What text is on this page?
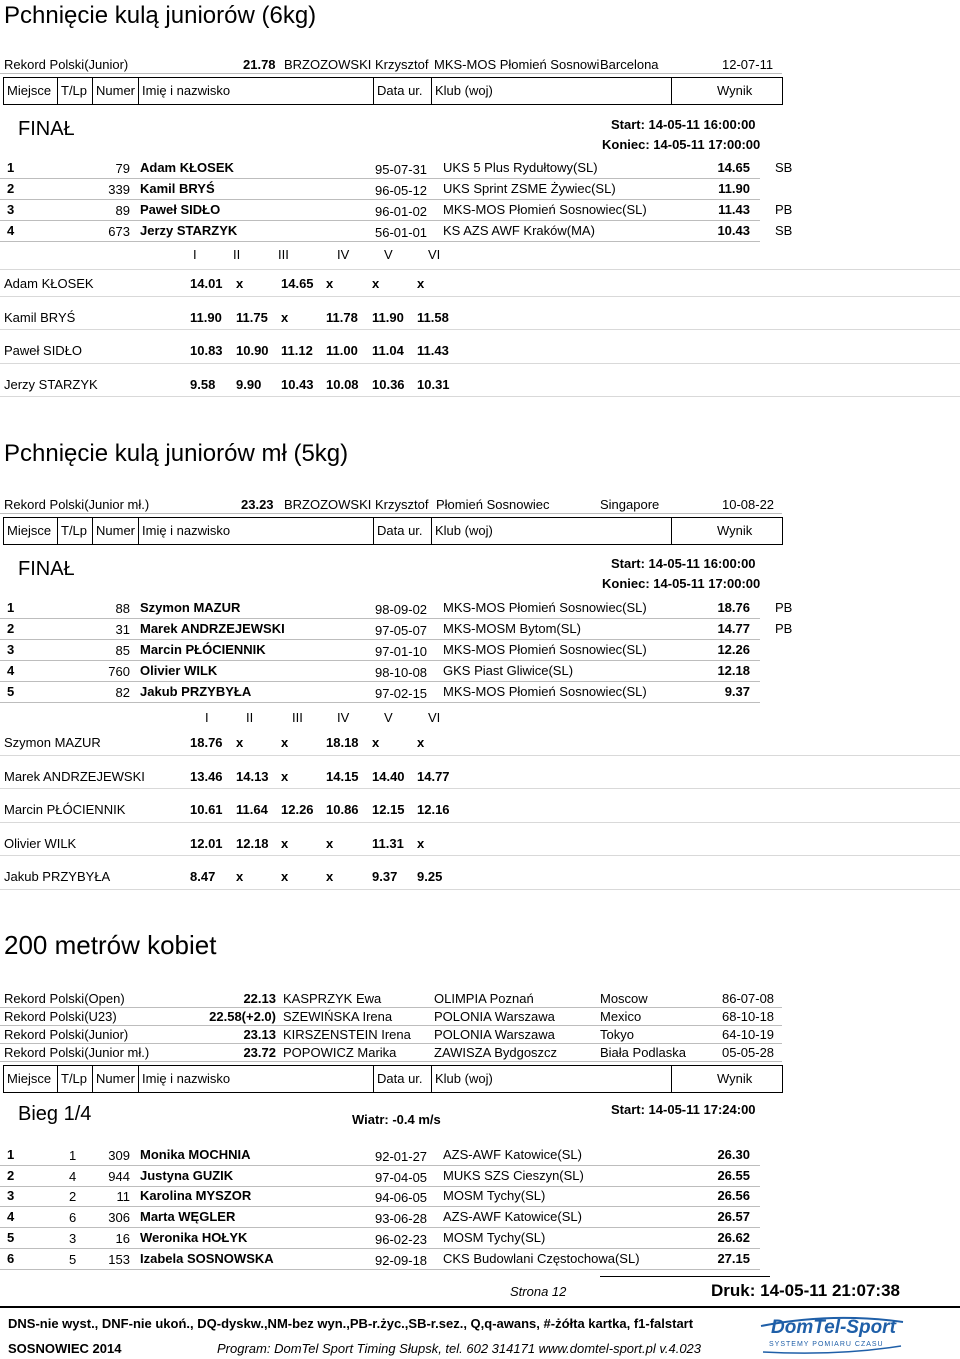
Pchnięcie kulą juniorów (6kg)
Rekord Polski(Junior)	21.78 BRZOZOWSKI Krzysztof MKS-MOS Płomień Sosnowi Barcelona	12-07-11
Miejsce T/Lp Numer Imię i nazwisko	Data ur. Klub (woj)	Wynik
FINAŁ	Start: 14-05-11 16:00:00
Koniec: 14-05-11 17:00:00
1	79 Adam KŁOSEK	95-07-31 UKS 5 Plus Rydułtowy(SL)	14.65 SB
2	339 Kamil BRYŚ	96-05-12 UKS Sprint ZSME Żywiec(SL)	11.90
3	89 Paweł SIDŁO	96-01-02 MKS-MOS Płomień Sosnowiec(SL)	11.43 PB
4	673 Jerzy STARZYK	56-01-01 KS AZS AWF Kraków(MA)	10.43 SB
I	II	III	IV	V	VI
Adam KŁOSEK	14.01 x	14.65 x	x	x
Kamil BRYŚ	11.90 11.75 x	11.78 11.90 11.58
Paweł SIDŁO	10.83 10.90 11.12 11.00 11.04 11.43
Jerzy STARZYK	9.58 9.90 10.43 10.08 10.36 10.31
Pchnięcie kulą juniorów mł (5kg)
Rekord Polski(Junior mł.)	23.23 BRZOZOWSKI Krzysztof Płomień Sosnowiec	Singapore	10-08-22
Miejsce T/Lp Numer Imię i nazwisko	Data ur. Klub (woj)	Wynik
FINAŁ	Start: 14-05-11 16:00:00
Koniec: 14-05-11 17:00:00
1	88 Szymon MAZUR	98-09-02 MKS-MOS Płomień Sosnowiec(SL)	18.76 PB
2	31 Marek ANDRZEJEWSKI	97-05-07 MKS-MOSM Bytom(SL)	14.77 PB
3	85 Marcin PŁÓCIENNIK	97-01-10 MKS-MOS Płomień Sosnowiec(SL)	12.26
4	760 Olivier WILK	98-10-08 GKS Piast Gliwice(SL)	12.18
5	82 Jakub PRZYBYŁA	97-02-15 MKS-MOS Płomień Sosnowiec(SL)	9.37
I	II	III	IV	V	VI
Szymon MAZUR	18.76 x	x	18.18 x	x
Marek ANDRZEJEWSKI	13.46 14.13 x	14.15 14.40 14.77
Marcin PŁÓCIENNIK	10.61 11.64 12.26 10.86 12.15 12.16
Olivier WILK	12.01 12.18 x	x	11.31 x
Jakub PRZYBYŁA	8.47 x	x	x	9.37 9.25
200 metrów kobiet
Rekord Polski(Open)	22.13 KASPRZYK Ewa	OLIMPIA Poznań	Moscow	86-07-08
Rekord Polski(U23)	22.58(+2.0) SZEWIŃSKA Irena	POLONIA Warszawa	Mexico	68-10-18
Rekord Polski(Junior)	23.13 KIRSZENSTEIN Irena POLONIA Warszawa	Tokyo	64-10-19
Rekord Polski(Junior mł.)	23.72 POPOWICZ Marika	ZAWISZA Bydgoszcz	Biała Podlaska	05-05-28
Miejsce T/Lp Numer Imię i nazwisko	Data ur. Klub (woj)	Wynik
Bieg 1/4	Wiatr: -0.4 m/s
Start: 14-05-11 17:24:00
1	1	309 Monika MOCHNIA	92-01-27 AZS-AWF Katowice(SL)	26.30
2	4	944 Justyna GUZIK	97-04-05 MUKS SZS Cieszyn(SL)	26.55
3	2	11 Karolina MYSZOR	94-06-05 MOSM Tychy(SL)	26.56
4	6	306 Marta WĘGLER	93-06-28 AZS-AWF Katowice(SL)	26.57
5	3	16 Weronika HOŁYK	96-02-23 MOSM Tychy(SL)	26.62
6	5	153 Izabela SOSNOWSKA	92-09-18 CKS Budowlani Częstochowa(SL)	27.15
Strona 12	Druk: 14-05-11 21:07:38
DNS-nie wyst., DNF-nie ukoń., DQ-dyskw.,NM-bez wyn.,PB-r.życ.,SB-r.sez., Q,q-awans, #-żółta kartka, f1-falstart
SOSNOWIEC 2014	Program: DomTel Sport Timing Słupsk, tel. 602 314171 www.domtel-sport.pl v.4.023
DomTel-Sport
SYSTEMY POMIARU CZASU
